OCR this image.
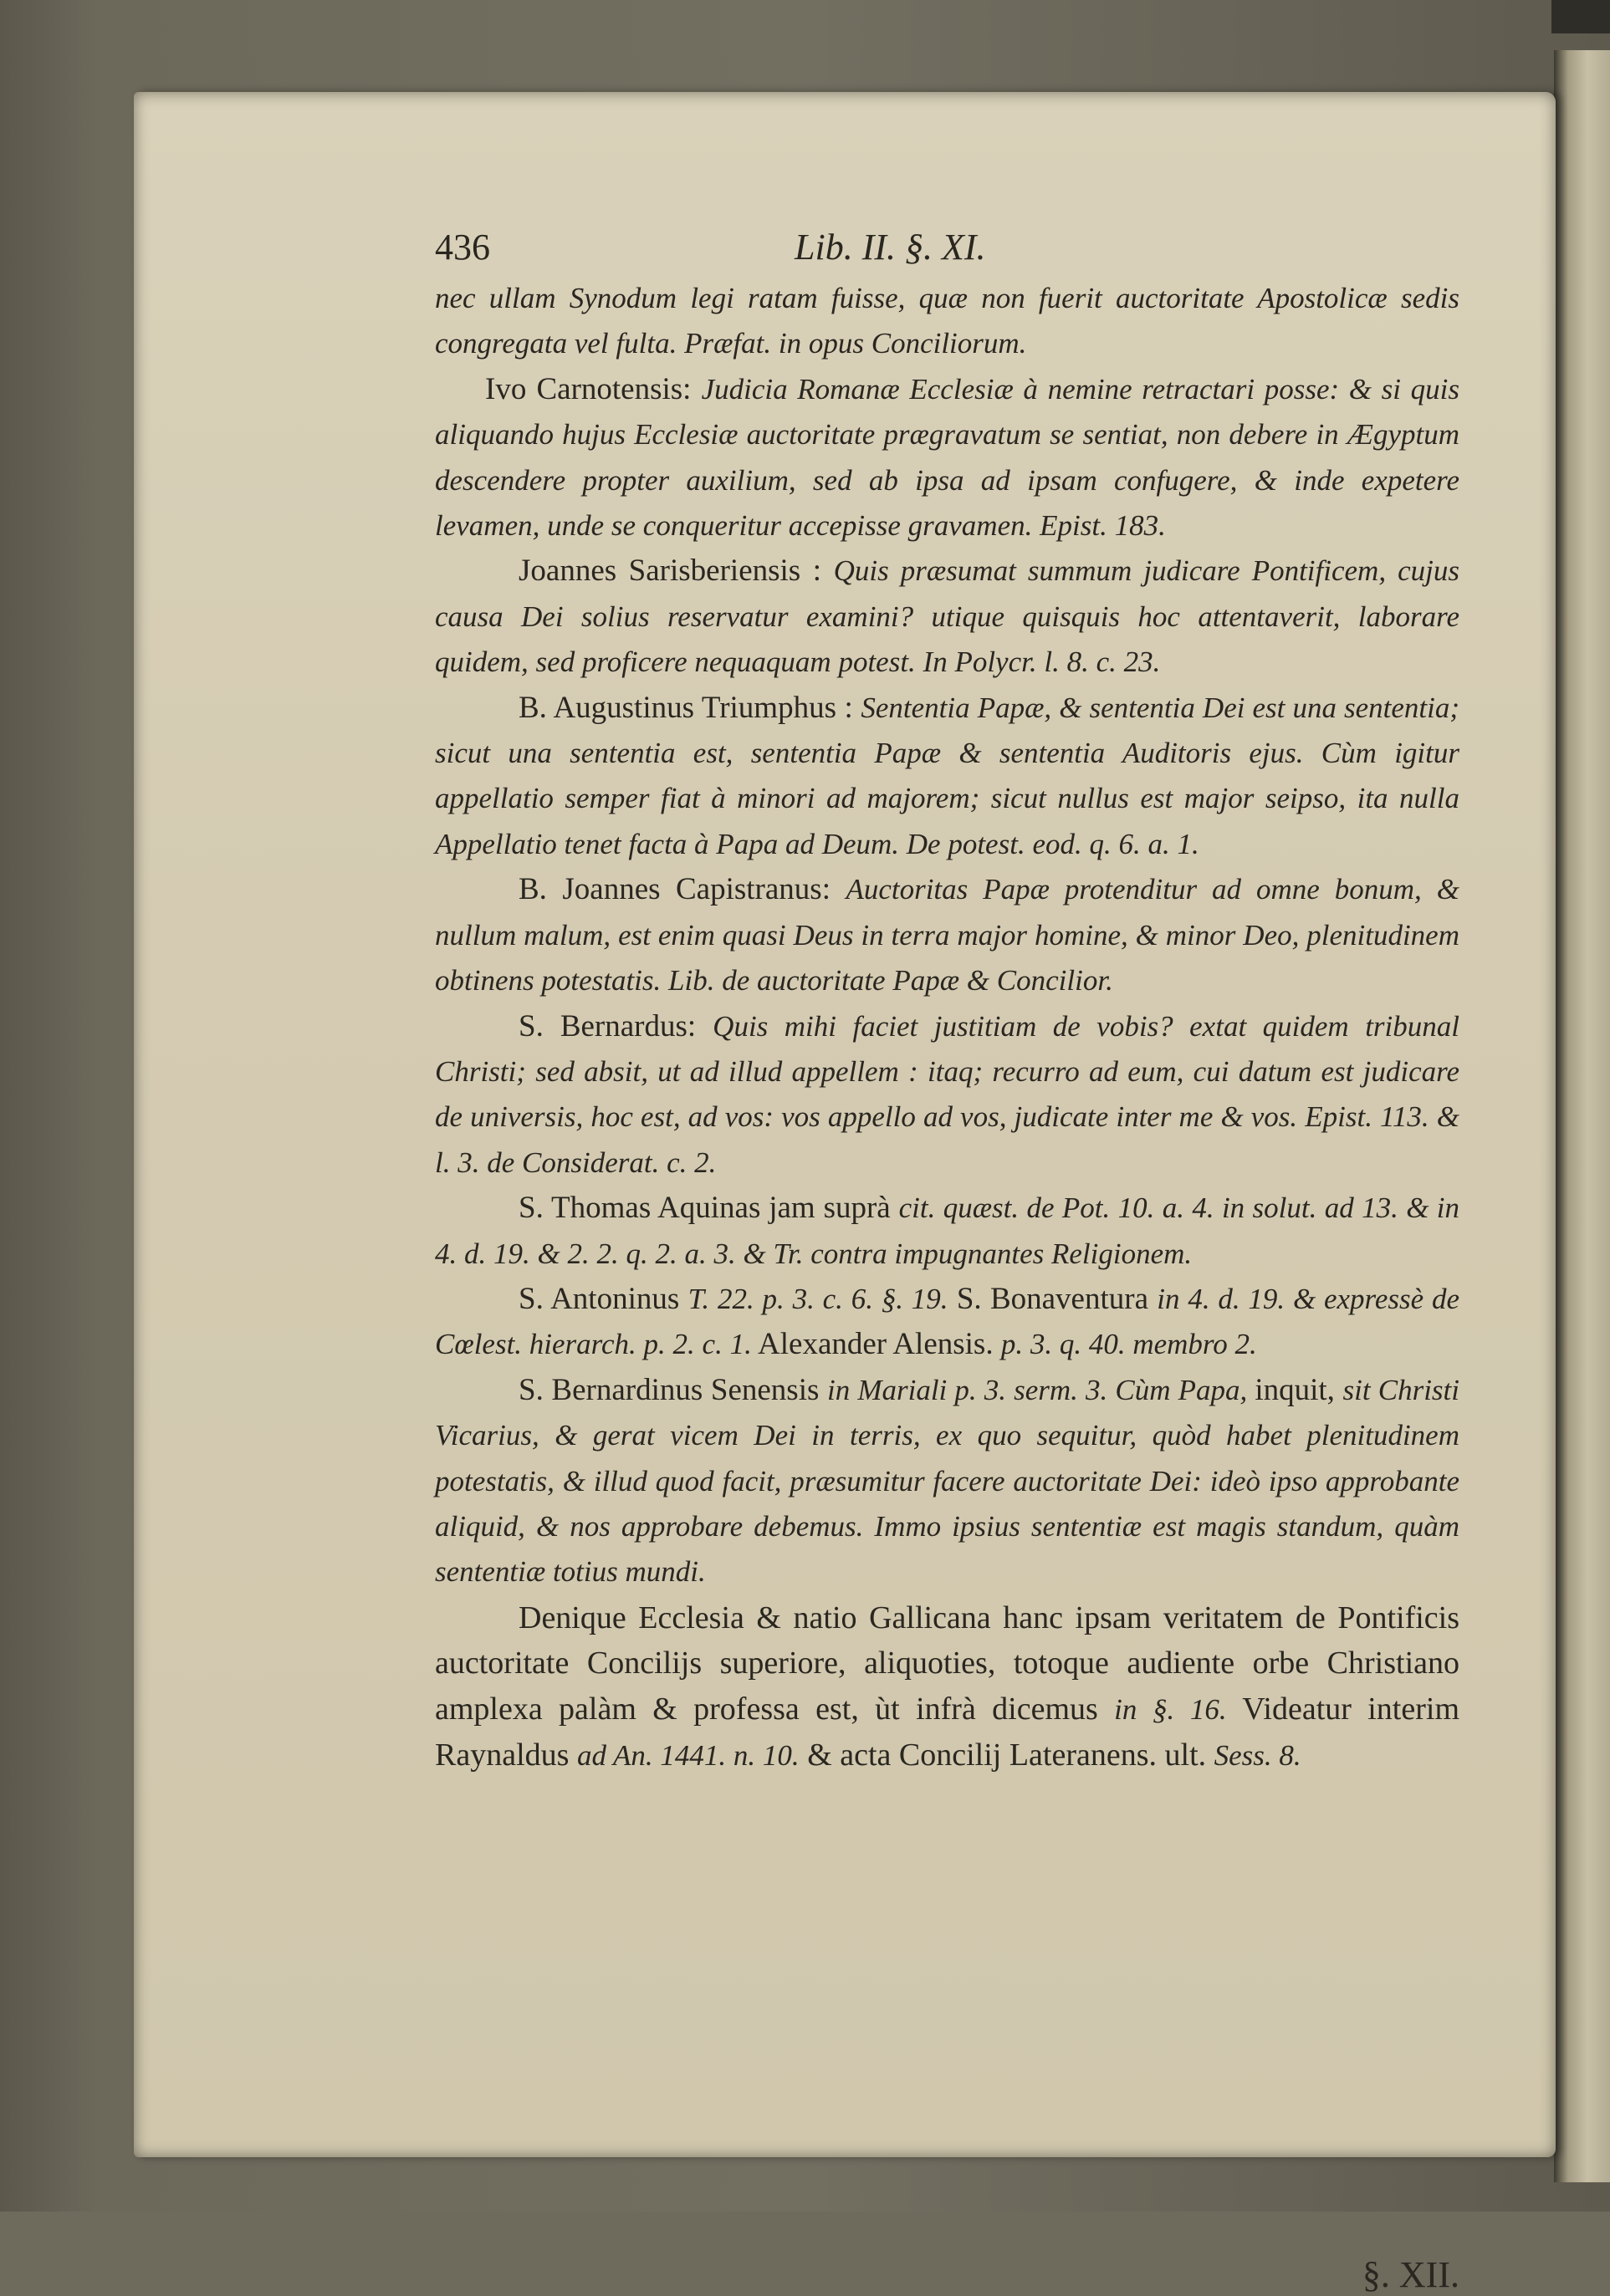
436	Lib. II. §. XI.

nec ullam Synodum legi ratam fuisse, quæ non fuerit auctoritate Apostolicæ sedis congregata vel fulta. Præfat. in opus Conciliorum.

Ivo Carnotensis: Judicia Romanæ Ecclesiæ à nemine retractari posse: & si quis aliquando hujus Ecclesiæ auctoritate prægravatum se sentiat, non debere in Ægyptum descendere propter auxilium, sed ab ipsa ad ipsam confugere, & inde expetere levamen, unde se conqueritur accepisse gravamen. Epist. 183.

Joannes Sarisberiensis : Quis præsumat summum judicare Pontificem, cujus causa Dei solius reservatur examini? utique quisquis hoc attentaverit, laborare quidem, sed proficere nequaquam potest. In Polycr. l. 8. c. 23.

B. Augustinus Triumphus : Sententia Papæ, & sententia Dei est una sententia; sicut una sententia est, sententia Papæ & sententia Auditoris ejus. Cùm igitur appellatio semper fiat à minori ad majorem; sicut nullus est major seipso, ita nulla Appellatio tenet facta à Papa ad Deum. De potest. eod. q. 6. a. 1.

B. Joannes Capistranus: Auctoritas Papæ protenditur ad omne bonum, & nullum malum, est enim quasi Deus in terra major homine, & minor Deo, plenitudinem obtinens potestatis. Lib. de auctoritate Papæ & Concilior.

S. Bernardus: Quis mihi faciet justitiam de vobis? extat quidem tribunal Christi; sed absit, ut ad illud appellem : itaq; recurro ad eum, cui datum est judicare de universis, hoc est, ad vos: vos appello ad vos, judicate inter me & vos. Epist. 113. & l. 3. de Considerat. c. 2.

S. Thomas Aquinas jam suprà cit. quæst. de Pot. 10. a. 4. in solut. ad 13. & in 4. d. 19. & 2. 2. q. 2. a. 3. & Tr. contra impugnantes Religionem.

S. Antoninus T. 22. p. 3. c. 6. §. 19. S. Bonaventura in 4. d. 19. & expressè de Cœlest. hierarch. p. 2. c. 1. Alexander Alensis. p. 3. q. 40. membro 2.

S. Bernardinus Senensis in Mariali p. 3. serm. 3. Cùm Papa, inquit, sit Christi Vicarius, & gerat vicem Dei in terris, ex quo sequitur, quòd habet plenitudinem potestatis, & illud quod facit, præsumitur facere auctoritate Dei: ideò ipso approbante aliquid, & nos approbare debemus. Immo ipsius sententiæ est magis standum, quàm sententiæ totius mundi.

Denique Ecclesia & natio Gallicana hanc ipsam veritatem de Pontificis auctoritate Concilijs superiore, aliquoties, totoque audiente orbe Christiano amplexa palàm & professa est, ùt infrà dicemus in §. 16. Videatur interim Raynaldus ad An. 1441. n. 10. & acta Concilij Lateranens. ult. Sess. 8.

§. XII.
